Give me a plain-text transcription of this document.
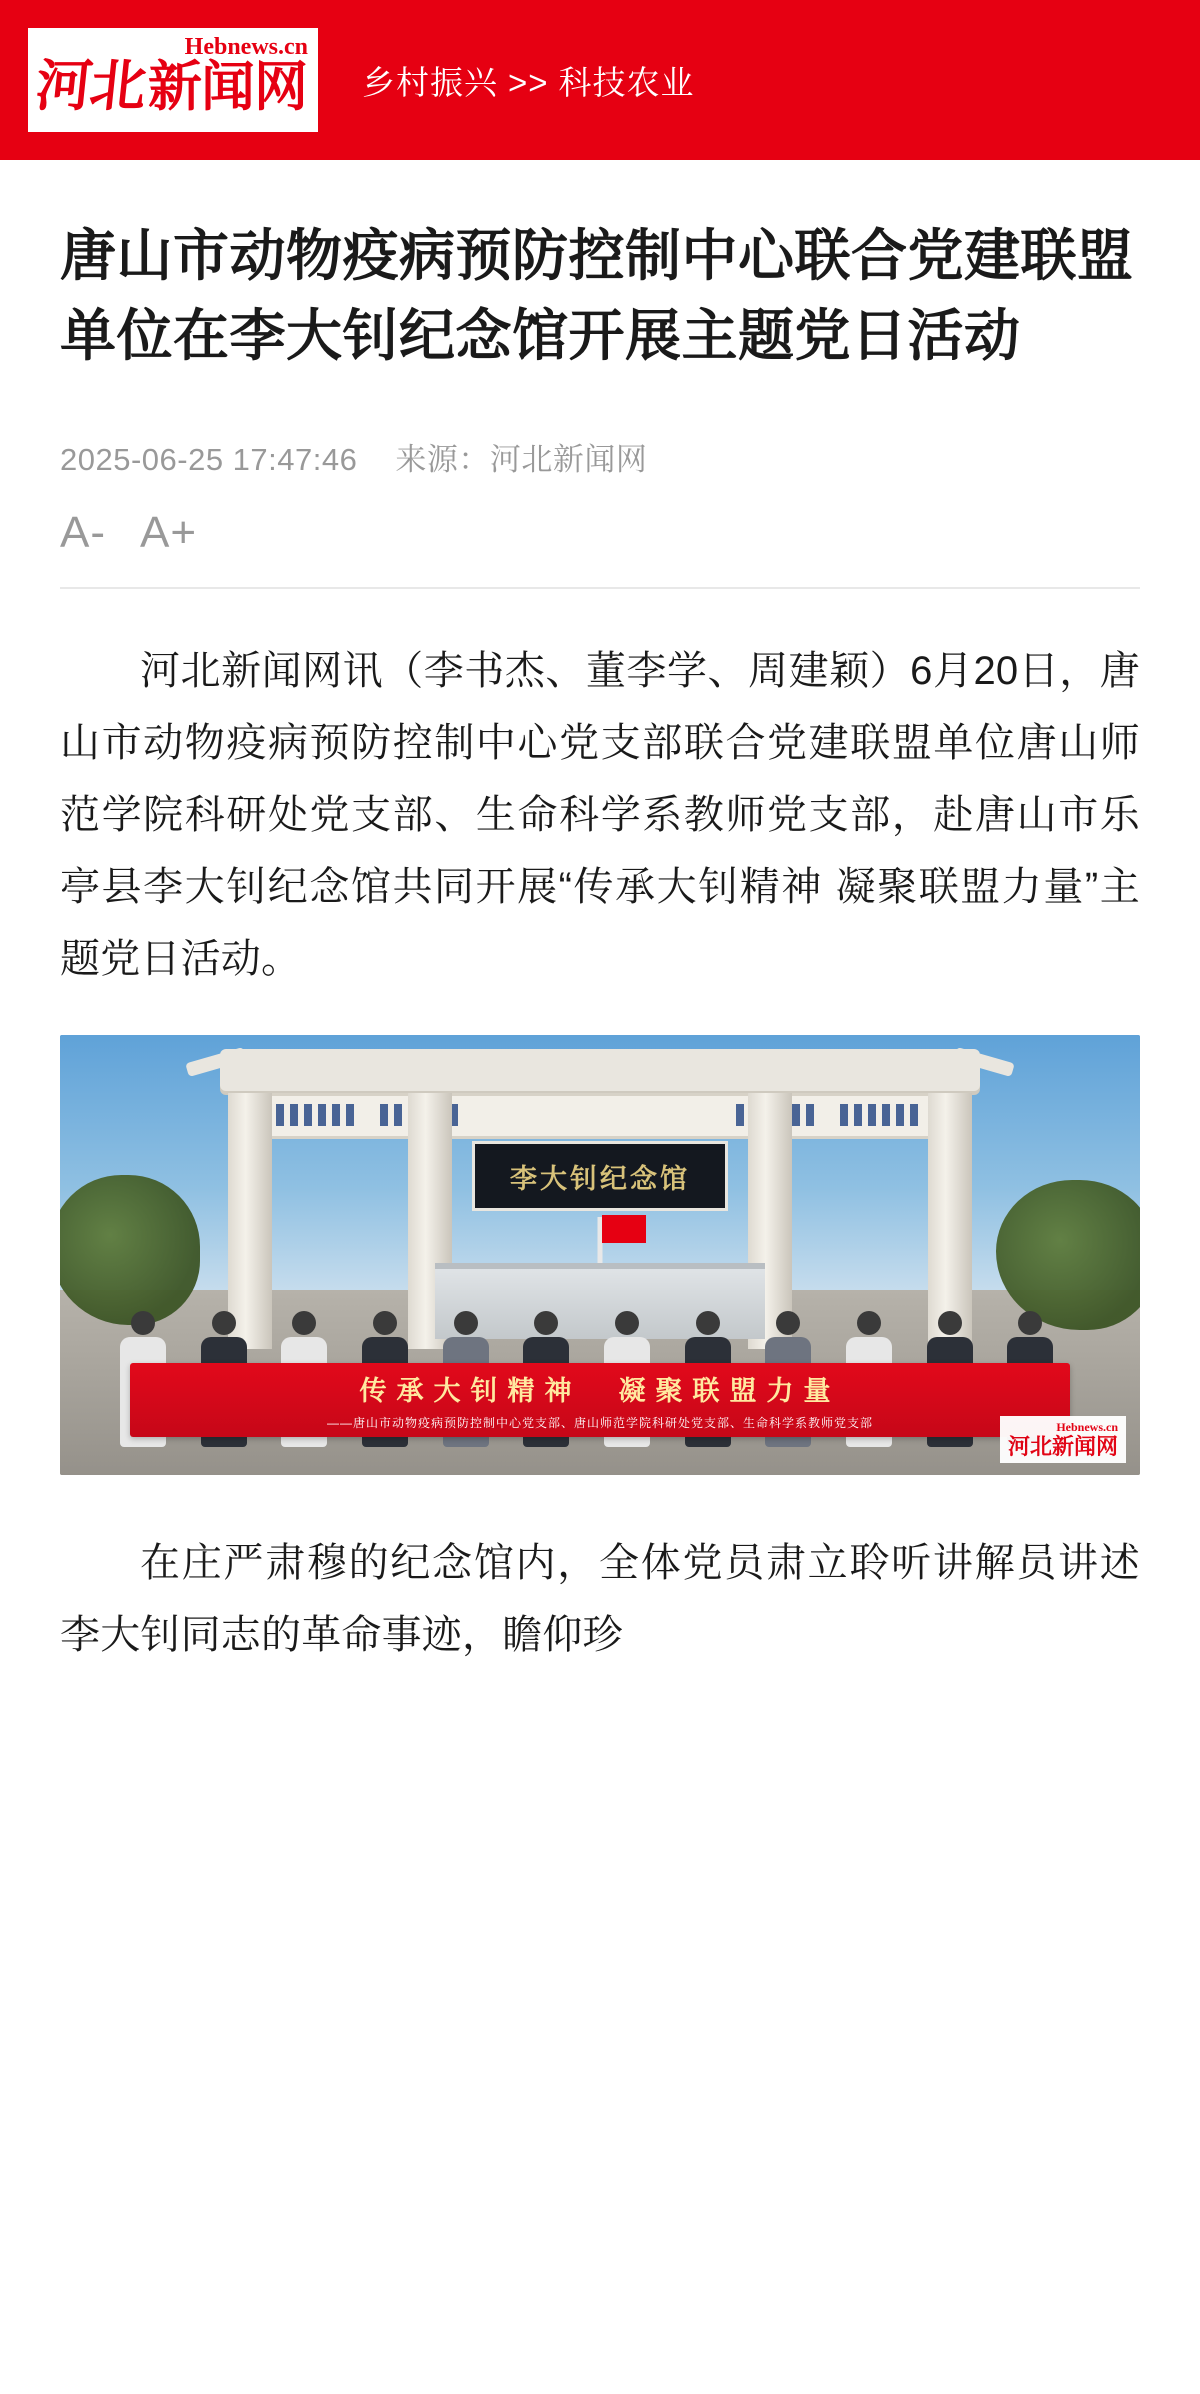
Hebnews.cn
河北 新闻网 乡村振兴 >> 科技农业
唐山市动物疫病预防控制中心联合党建联盟单位在李大钊纪念馆开展主题党日活动
2025-06-25 17:47:46 来源：河北新闻网
A- A+

河北新闻网讯（李书杰、董李学、周建颖）6月20日，唐山市动物疫病预防控制中心党支部联合党建联盟单位唐山师范学院科研处党支部、生命科学系教师党支部，赴唐山市乐亭县李大钊纪念馆共同开展“传承大钊精神 凝聚联盟力量”主题党日活动。

李大钊纪念馆
传承大钊精神　凝聚联盟力量
——唐山市动物疫病预防控制中心党支部、唐山师范学院科研处党支部、生命科学系教师党支部	Hebnews.cn
河北新闻网

在庄严肃穆的纪念馆内，全体党员肃立聆听讲解员讲述李大钊同志的革命事迹，瞻仰珍
